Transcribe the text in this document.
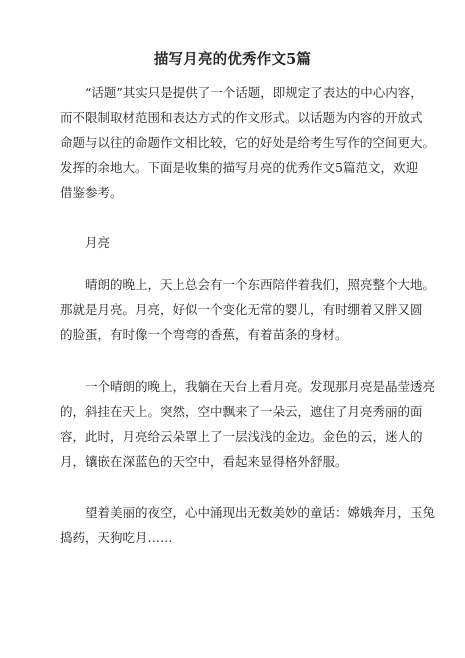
描写月亮的优秀作文5篇
“话题”其实只是提供了一个话题，即规定了表达的中心内容，
而不限制取材范围和表达方式的作文形式。以话题为内容的开放式
命题与以往的命题作文相比较，它的好处是给考生写作的空间更大。
发挥的余地大。下面是收集的描写月亮的优秀作文5篇范文，欢迎
借鉴参考。
月亮
晴朗的晚上，天上总会有一个东西陪伴着我们，照亮整个大地。
那就是月亮。月亮，好似一个变化无常的婴儿，有时绷着又胖又圆
的脸蛋，有时像一个弯弯的香蕉，有着苗条的身材。
一个晴朗的晚上，我躺在天台上看月亮。发现那月亮是晶莹透亮
的，斜挂在天上。突然，空中飘来了一朵云，遮住了月亮秀丽的面
容，此时，月亮给云朵罩上了一层浅浅的金边。金色的云，迷人的
月，镶嵌在深蓝色的天空中，看起来显得格外舒服。
望着美丽的夜空，心中涌现出无数美妙的童话：嫦娥奔月，玉兔
捣药，天狗吃月……
